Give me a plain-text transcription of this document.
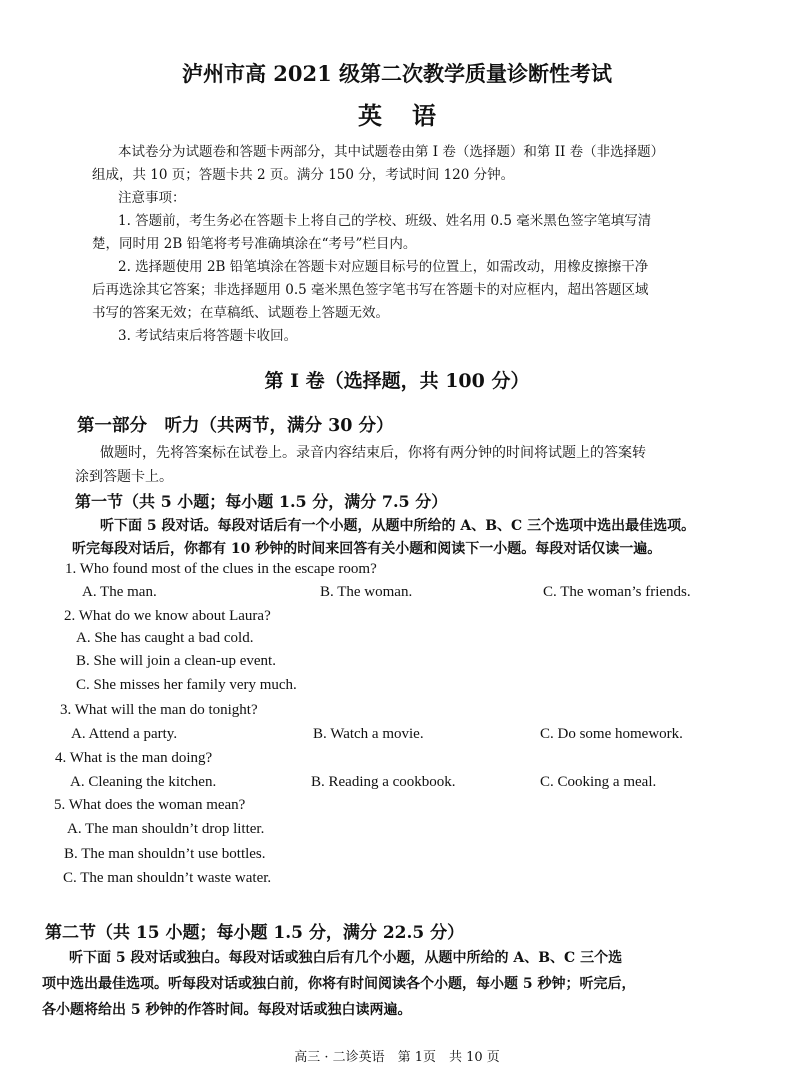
泸州市高 2021 级第二次教学质量诊断性考试
英语
本试卷分为试题卷和答题卡两部分，其中试题卷由第 I 卷（选择题）和第 II 卷（非选择题）
组成，共 10 页；答题卡共 2 页。满分 150 分，考试时间 120 分钟。
注意事项：
1. 答题前，考生务必在答题卡上将自己的学校、班级、姓名用 0.5 毫米黑色签字笔填写清
楚，同时用 2B 铅笔将考号准确填涂在“考号”栏目内。
2. 选择题使用 2B 铅笔填涂在答题卡对应题目标号的位置上，如需改动，用橡皮擦擦干净
后再选涂其它答案；非选择题用 0.5 毫米黑色签字笔书写在答题卡的对应框内，超出答题区域
书写的答案无效；在草稿纸、试题卷上答题无效。
3. 考试结束后将答题卡收回。
第 I 卷（选择题，共 100 分）
第一部分　听力（共两节，满分 30 分）
做题时，先将答案标在试卷上。录音内容结束后，你将有两分钟的时间将试题上的答案转
涂到答题卡上。
第一节（共 5 小题；每小题 1.5 分，满分 7.5 分）
听下面 5 段对话。每段对话后有一个小题，从题中所给的 A、B、C 三个选项中选出最佳选项。
听完每段对话后，你都有 10 秒钟的时间来回答有关小题和阅读下一小题。每段对话仅读一遍。
1. Who found most of the clues in the escape room?
A. The man.	B. The woman.	C. The woman’s friends.
2. What do we know about Laura?
A. She has caught a bad cold.
B. She will join a clean-up event.
C. She misses her family very much.
3. What will the man do tonight?
A. Attend a party.	B. Watch a movie.	C. Do some homework.
4. What is the man doing?
A. Cleaning the kitchen.	B. Reading a cookbook.	C. Cooking a meal.
5. What does the woman mean?
A. The man shouldn’t drop litter.
B. The man shouldn’t use bottles.
C. The man shouldn’t waste water.
第二节（共 15 小题；每小题 1.5 分，满分 22.5 分）
听下面 5 段对话或独白。每段对话或独白后有几个小题，从题中所给的 A、B、C 三个选
项中选出最佳选项。听每段对话或独白前，你将有时间阅读各个小题，每小题 5 秒钟；听完后，
各小题将给出 5 秒钟的作答时间。每段对话或独白读两遍。
高三 · 二诊英语　第 1页　共 10 页
